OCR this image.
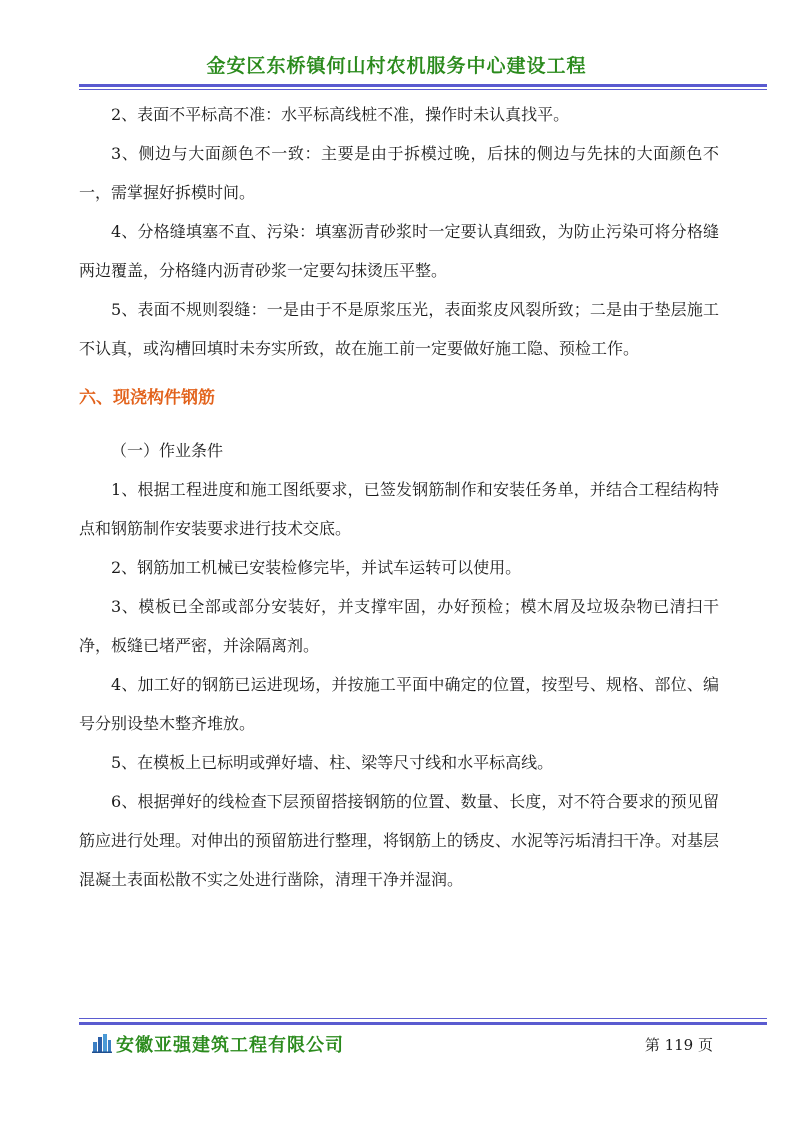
金安区东桥镇何山村农机服务中心建设工程

2、表面不平标高不准：水平标高线桩不准，操作时未认真找平。

3、侧边与大面颜色不一致：主要是由于拆模过晚，后抹的侧边与先抹的大面颜色不一，需掌握好拆模时间。

4、分格缝填塞不直、污染：填塞沥青砂浆时一定要认真细致，为防止污染可将分格缝两边覆盖，分格缝内沥青砂浆一定要勾抹烫压平整。

5、表面不规则裂缝：一是由于不是原浆压光，表面浆皮风裂所致；二是由于垫层施工不认真，或沟槽回填时未夯实所致，故在施工前一定要做好施工隐、预检工作。

六、现浇构件钢筋

（一）作业条件

1、根据工程进度和施工图纸要求，已签发钢筋制作和安装任务单，并结合工程结构特点和钢筋制作安装要求进行技术交底。

2、钢筋加工机械已安装检修完毕，并试车运转可以使用。

3、模板已全部或部分安装好，并支撑牢固，办好预检；模木屑及垃圾杂物已清扫干净，板缝已堵严密，并涂隔离剂。

4、加工好的钢筋已运进现场，并按施工平面中确定的位置，按型号、规格、部位、编号分别设垫木整齐堆放。

5、在模板上已标明或弹好墙、柱、梁等尺寸线和水平标高线。

6、根据弹好的线检查下层预留搭接钢筋的位置、数量、长度，对不符合要求的预见留筋应进行处理。对伸出的预留筋进行整理，将钢筋上的锈皮、水泥等污垢清扫干净。对基层混凝土表面松散不实之处进行凿除，清理干净并湿润。

安徽亚强建筑工程有限公司	第 119 页
